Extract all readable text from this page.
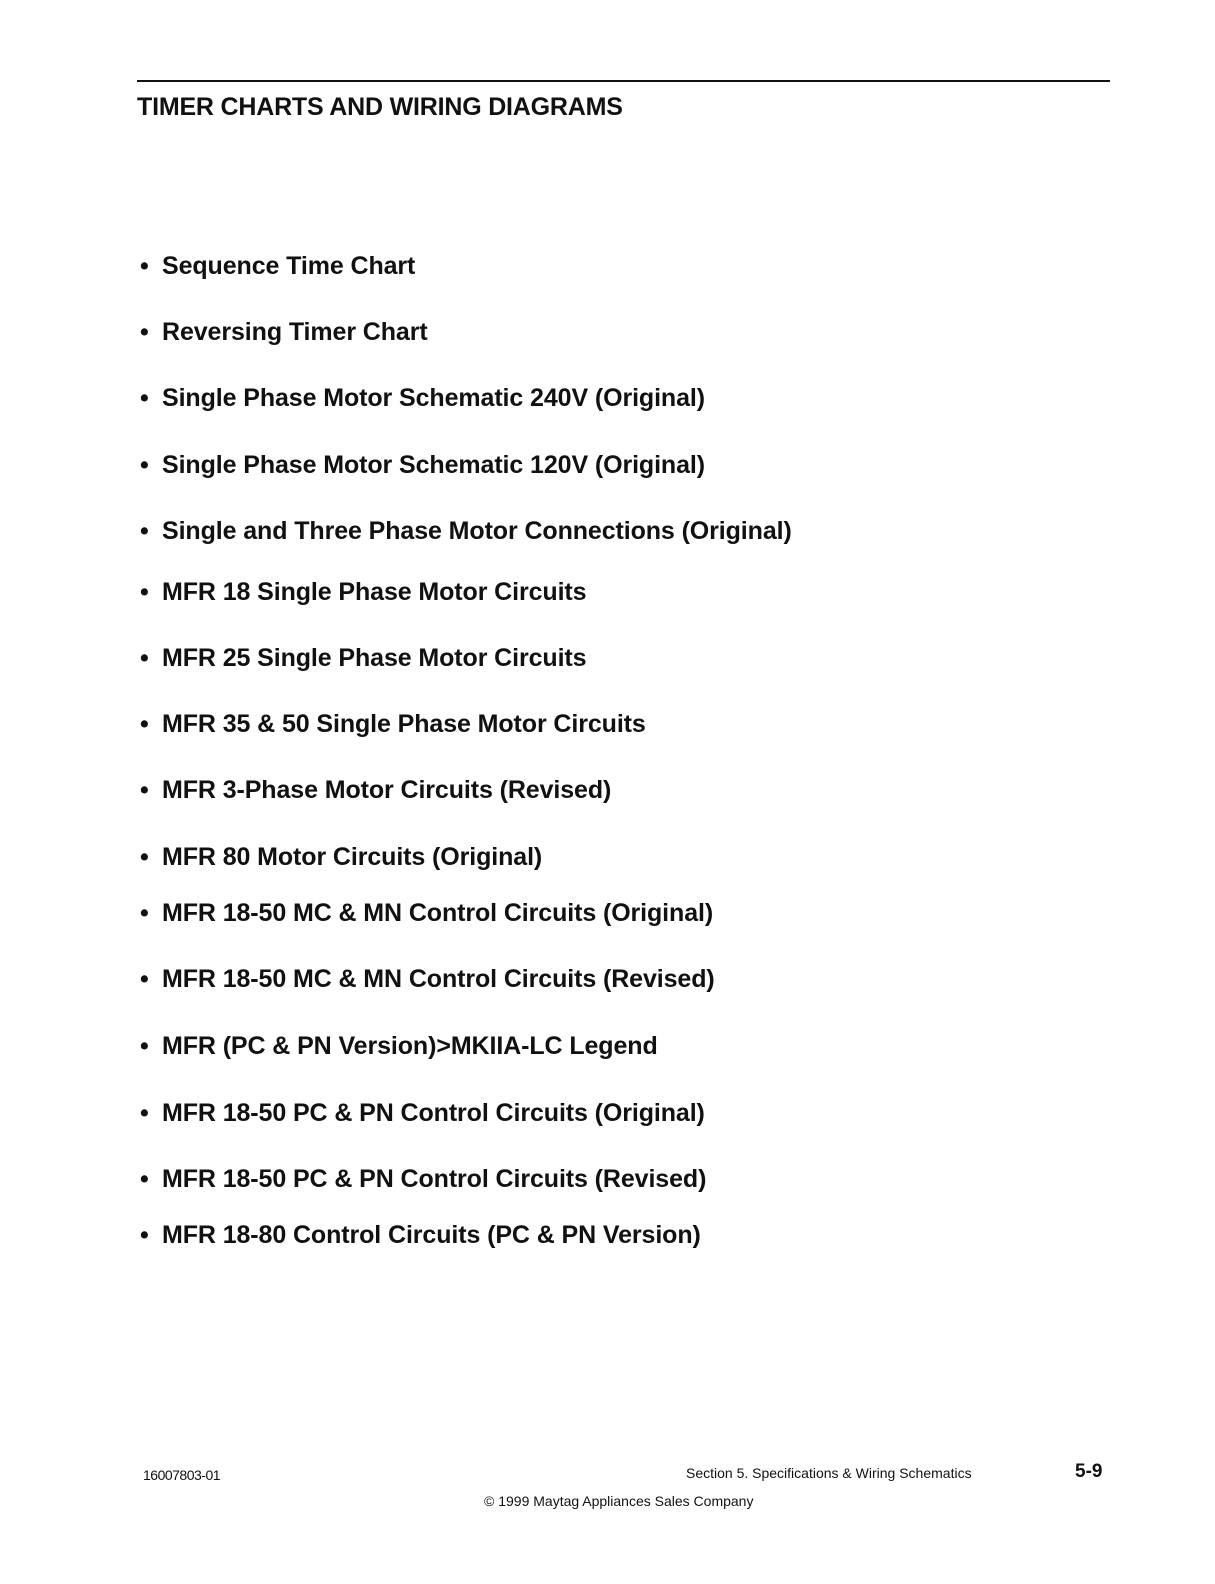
TIMER CHARTS AND WIRING DIAGRAMS
• Sequence Time Chart
• Reversing Timer Chart
• Single Phase Motor Schematic 240V (Original)
• Single Phase Motor Schematic 120V (Original)
• Single and Three Phase Motor Connections (Original)
• MFR 18 Single Phase Motor Circuits
• MFR 25 Single Phase Motor Circuits
• MFR 35 & 50 Single Phase Motor Circuits
• MFR 3-Phase Motor Circuits (Revised)
• MFR 80 Motor Circuits (Original)
• MFR 18-50 MC & MN Control Circuits (Original)
• MFR 18-50 MC & MN Control Circuits (Revised)
• MFR (PC & PN Version)>MKIIA-LC Legend
• MFR 18-50 PC & PN Control Circuits (Original)
• MFR 18-50 PC & PN Control Circuits (Revised)
• MFR 18-80 Control Circuits (PC & PN Version)
16007803-01	Section 5. Specifications & Wiring Schematics	5-9
© 1999 Maytag Appliances Sales Company
